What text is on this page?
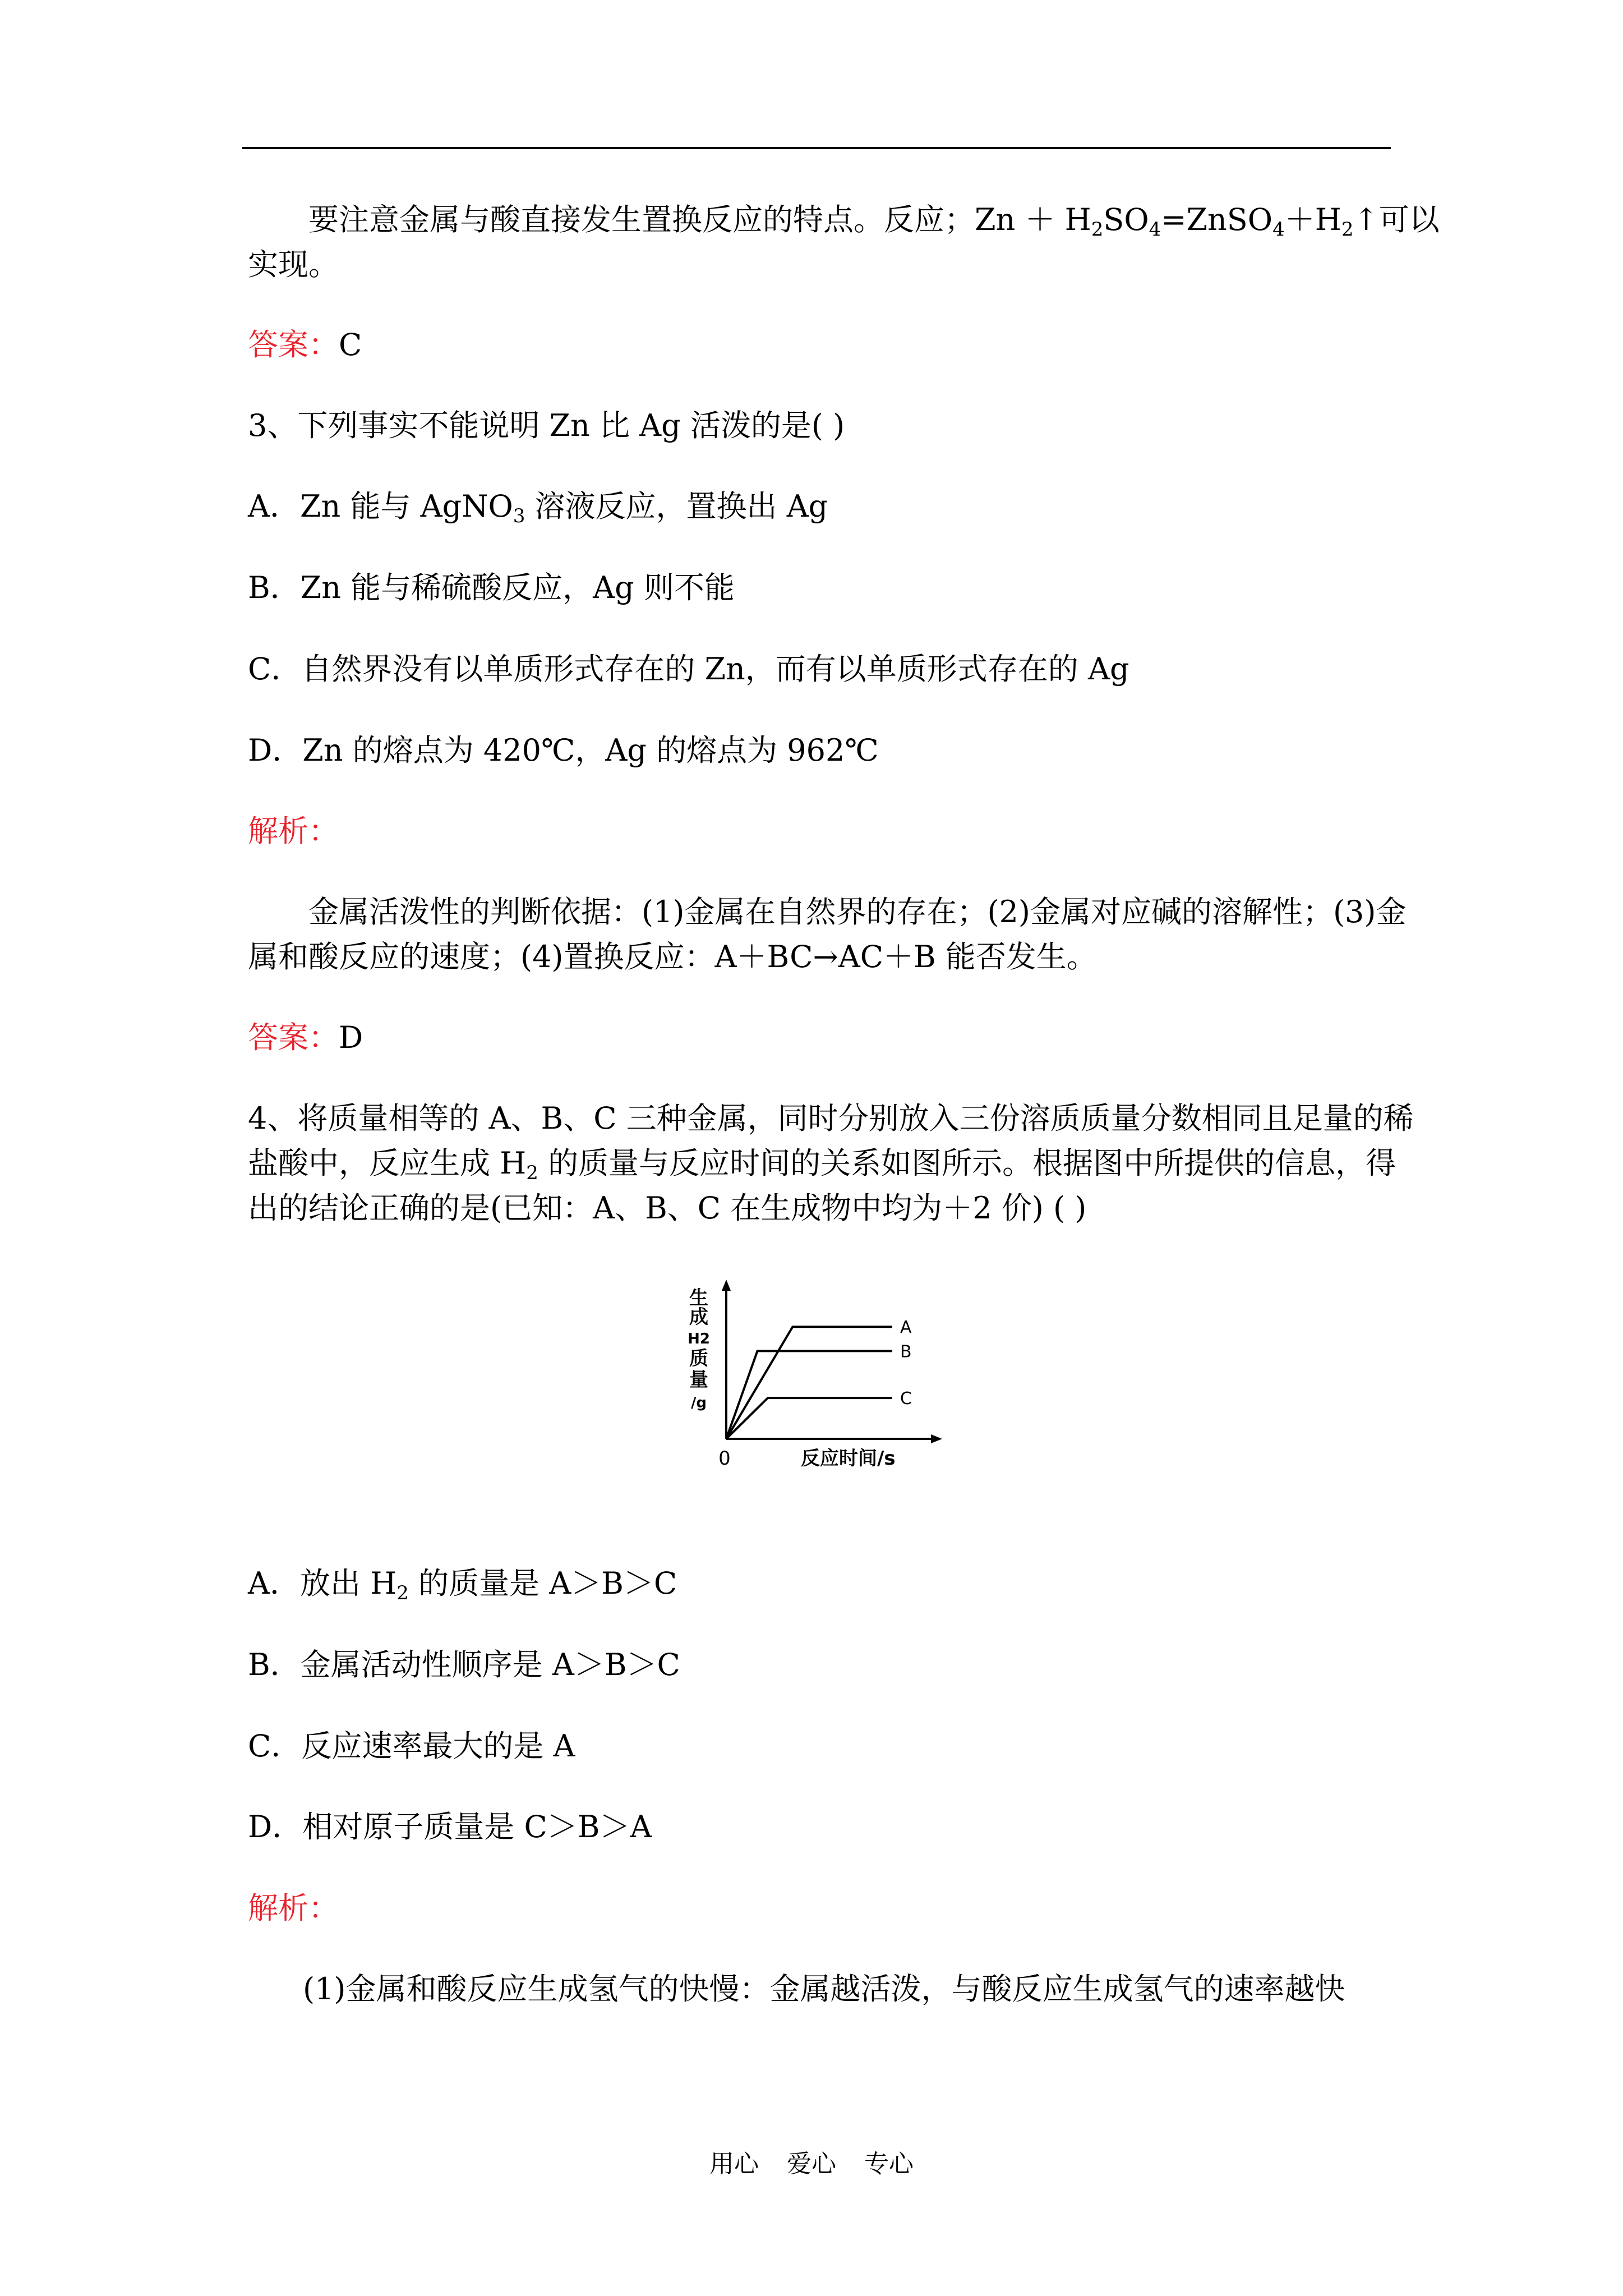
要注意金属与酸直接发生置换反应的特点。反应；$Zn + H_2SO_4=ZnSO_4+H_2↑$可以
实现。
答案：C
3、下列事实不能说明 Zn 比 Ag 活泼的是( )
A．Zn 能与 AgNO$_3$ 溶液反应，置换出 Ag
B．Zn 能与稀硫酸反应，Ag 则不能
C．自然界没有以单质形式存在的 Zn，而有以单质形式存在的 Ag
D．Zn 的熔点为 420℃，Ag 的熔点为 962℃
解析：
金属活泼性的判断依据：(1)金属在自然界的存在；(2)金属对应碱的溶解性；(3)金
属和酸反应的速度；(4)置换反应：A＋BC→AC＋B 能否发生。
答案：D
4、将质量相等的 A、B、C 三种金属，同时分别放入三份溶质质量分数相同且足量的稀
盐酸中，反应生成 $H_2$ 的质量与反应时间的关系如图所示。根据图中所提供的信息，得
出的结论正确的是(已知：A、B、C 在生成物中均为＋2 价) ( )
生
成
H2
质
量
/g
0	反应时间/s
A
B
C
A．放出 $H_2$ 的质量是 A＞B＞C
B．金属活动性顺序是 A＞B＞C
C．反应速率最大的是 A
D．相对原子质量是 C＞B＞A
解析：
(1)金属和酸反应生成氢气的快慢：金属越活泼，与酸反应生成氢气的速率越快
用心 爱心 专心
